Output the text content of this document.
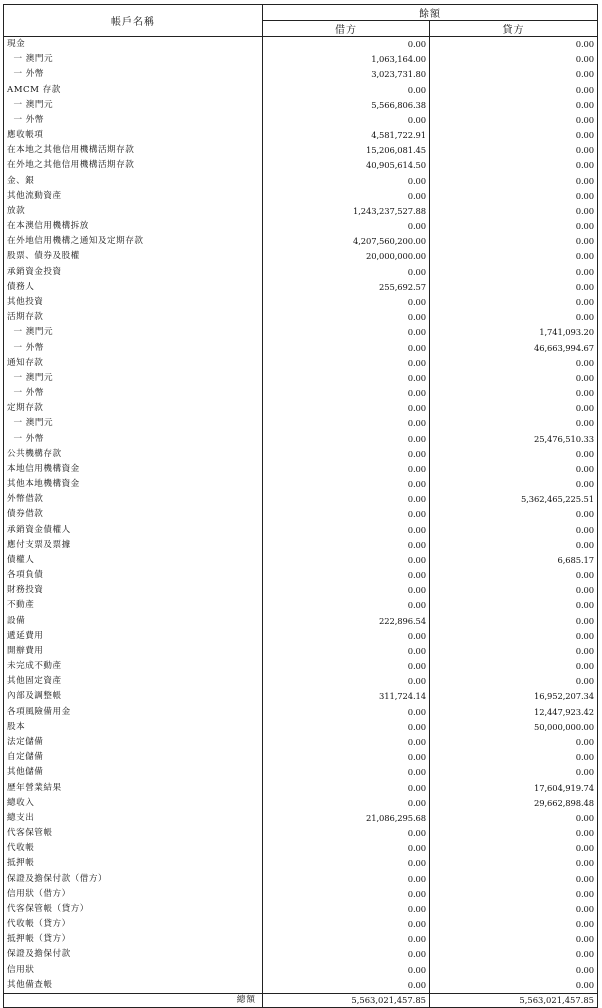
帳戶名稱	餘額	
	借方	貸方
現金	0.00	0.00
一 澳門元	1,063,164.00	0.00
一 外幣	3,023,731.80	0.00
AMCM 存款	0.00	0.00
一 澳門元	5,566,806.38	0.00
一 外幣	0.00	0.00
應收帳項	4,581,722.91	0.00
在本地之其他信用機構活期存款	15,206,081.45	0.00
在外地之其他信用機構活期存款	40,905,614.50	0.00
金、銀	0.00	0.00
其他流動資產	0.00	0.00
放款	1,243,237,527.88	0.00
在本澳信用機構拆放	0.00	0.00
在外地信用機構之通知及定期存款	4,207,560,200.00	0.00
股票、債券及股權	20,000,000.00	0.00
承銷資金投資	0.00	0.00
債務人	255,692.57	0.00
其他投資	0.00	0.00
活期存款	0.00	0.00
一 澳門元	0.00	1,741,093.20
一 外幣	0.00	46,663,994.67
通知存款	0.00	0.00
一 澳門元	0.00	0.00
一 外幣	0.00	0.00
定期存款	0.00	0.00
一 澳門元	0.00	0.00
一 外幣	0.00	25,476,510.33
公共機構存款	0.00	0.00
本地信用機構資金	0.00	0.00
其他本地機構資金	0.00	0.00
外幣借款	0.00	5,362,465,225.51
債券借款	0.00	0.00
承銷資金債權人	0.00	0.00
應付支票及票據	0.00	0.00
債權人	0.00	6,685.17
各項負債	0.00	0.00
財務投資	0.00	0.00
不動產	0.00	0.00
設備	222,896.54	0.00
遞延費用	0.00	0.00
開辦費用	0.00	0.00
未完成不動產	0.00	0.00
其他固定資產	0.00	0.00
內部及調整帳	311,724.14	16,952,207.34
各項風險備用金	0.00	12,447,923.42
股本	0.00	50,000,000.00
法定儲備	0.00	0.00
自定儲備	0.00	0.00
其他儲備	0.00	0.00
歷年營業結果	0.00	17,604,919.74
總收入	0.00	29,662,898.48
總支出	21,086,295.68	0.00
代客保管帳	0.00	0.00
代收帳	0.00	0.00
抵押帳	0.00	0.00
保證及擔保付款（借方）	0.00	0.00
信用狀（借方）	0.00	0.00
代客保管帳（貸方）	0.00	0.00
代收帳（貸方）	0.00	0.00
抵押帳（貸方）	0.00	0.00
保證及擔保付款	0.00	0.00
信用狀	0.00	0.00
其他備查帳	0.00	0.00
總額	5,563,021,457.85	5,563,021,457.85
